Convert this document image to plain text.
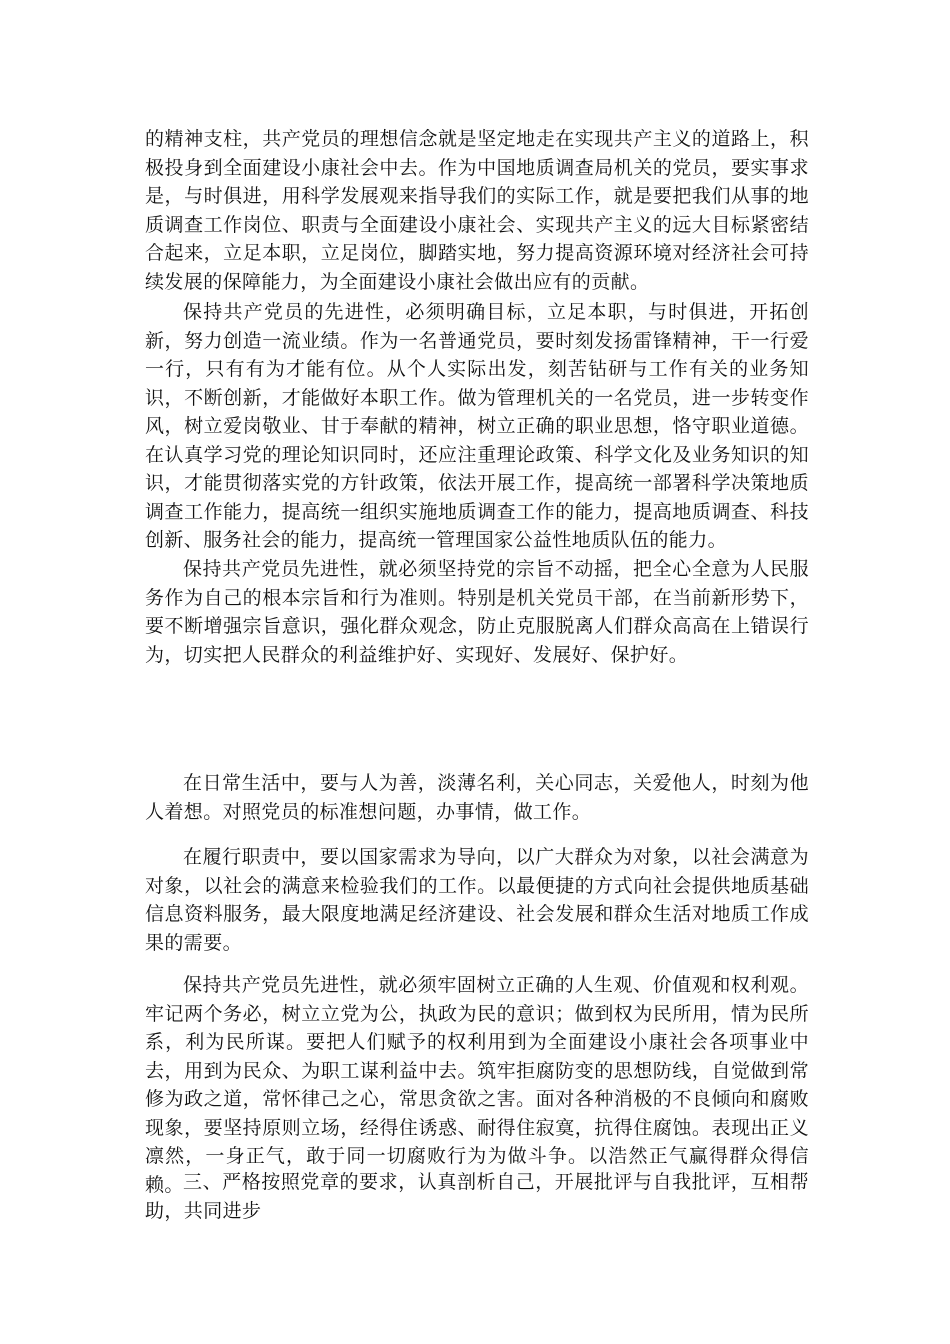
的精神支柱，共产党员的理想信念就是坚定地走在实现共产主义的道路上，积极投身到全面建设小康社会中去。作为中国地质调查局机关的党员，要实事求是，与时俱进，用科学发展观来指导我们的实际工作，就是要把我们从事的地质调查工作岗位、职责与全面建设小康社会、实现共产主义的远大目标紧密结合起来，立足本职，立足岗位，脚踏实地，努力提高资源环境对经济社会可持续发展的保障能力，为全面建设小康社会做出应有的贡献。

保持共产党员的先进性，必须明确目标，立足本职，与时俱进，开拓创新，努力创造一流业绩。作为一名普通党员，要时刻发扬雷锋精神，干一行爱一行，只有有为才能有位。从个人实际出发，刻苦钻研与工作有关的业务知识，不断创新，才能做好本职工作。做为管理机关的一名党员，进一步转变作风，树立爱岗敬业、甘于奉献的精神，树立正确的职业思想，恪守职业道德。在认真学习党的理论知识同时，还应注重理论政策、科学文化及业务知识的知识，才能贯彻落实党的方针政策，依法开展工作，提高统一部署科学决策地质调查工作能力，提高统一组织实施地质调查工作的能力，提高地质调查、科技创新、服务社会的能力，提高统一管理国家公益性地质队伍的能力。

保持共产党员先进性，就必须坚持党的宗旨不动摇，把全心全意为人民服务作为自己的根本宗旨和行为准则。特别是机关党员干部，在当前新形势下，要不断增强宗旨意识，强化群众观念，防止克服脱离人们群众高高在上错误行为，切实把人民群众的利益维护好、实现好、发展好、保护好。

在日常生活中，要与人为善，淡薄名利，关心同志，关爱他人，时刻为他人着想。对照党员的标准想问题，办事情，做工作。

在履行职责中，要以国家需求为导向，以广大群众为对象，以社会满意为对象，以社会的满意来检验我们的工作。以最便捷的方式向社会提供地质基础信息资料服务，最大限度地满足经济建设、社会发展和群众生活对地质工作成果的需要。

保持共产党员先进性，就必须牢固树立正确的人生观、价值观和权利观。牢记两个务必，树立立党为公，执政为民的意识；做到权为民所用，情为民所系，利为民所谋。要把人们赋予的权利用到为全面建设小康社会各项事业中去，用到为民众、为职工谋利益中去。筑牢拒腐防变的思想防线，自觉做到常修为政之道，常怀律己之心，常思贪欲之害。面对各种消极的不良倾向和腐败现象，要坚持原则立场，经得住诱惑、耐得住寂寞，抗得住腐蚀。表现出正义凛然，一身正气，敢于同一切腐败行为为做斗争。以浩然正气赢得群众得信赖。 三、严格按照党章的要求，认真剖析自己，开展批评与自我批评，互相帮助，共同进步
